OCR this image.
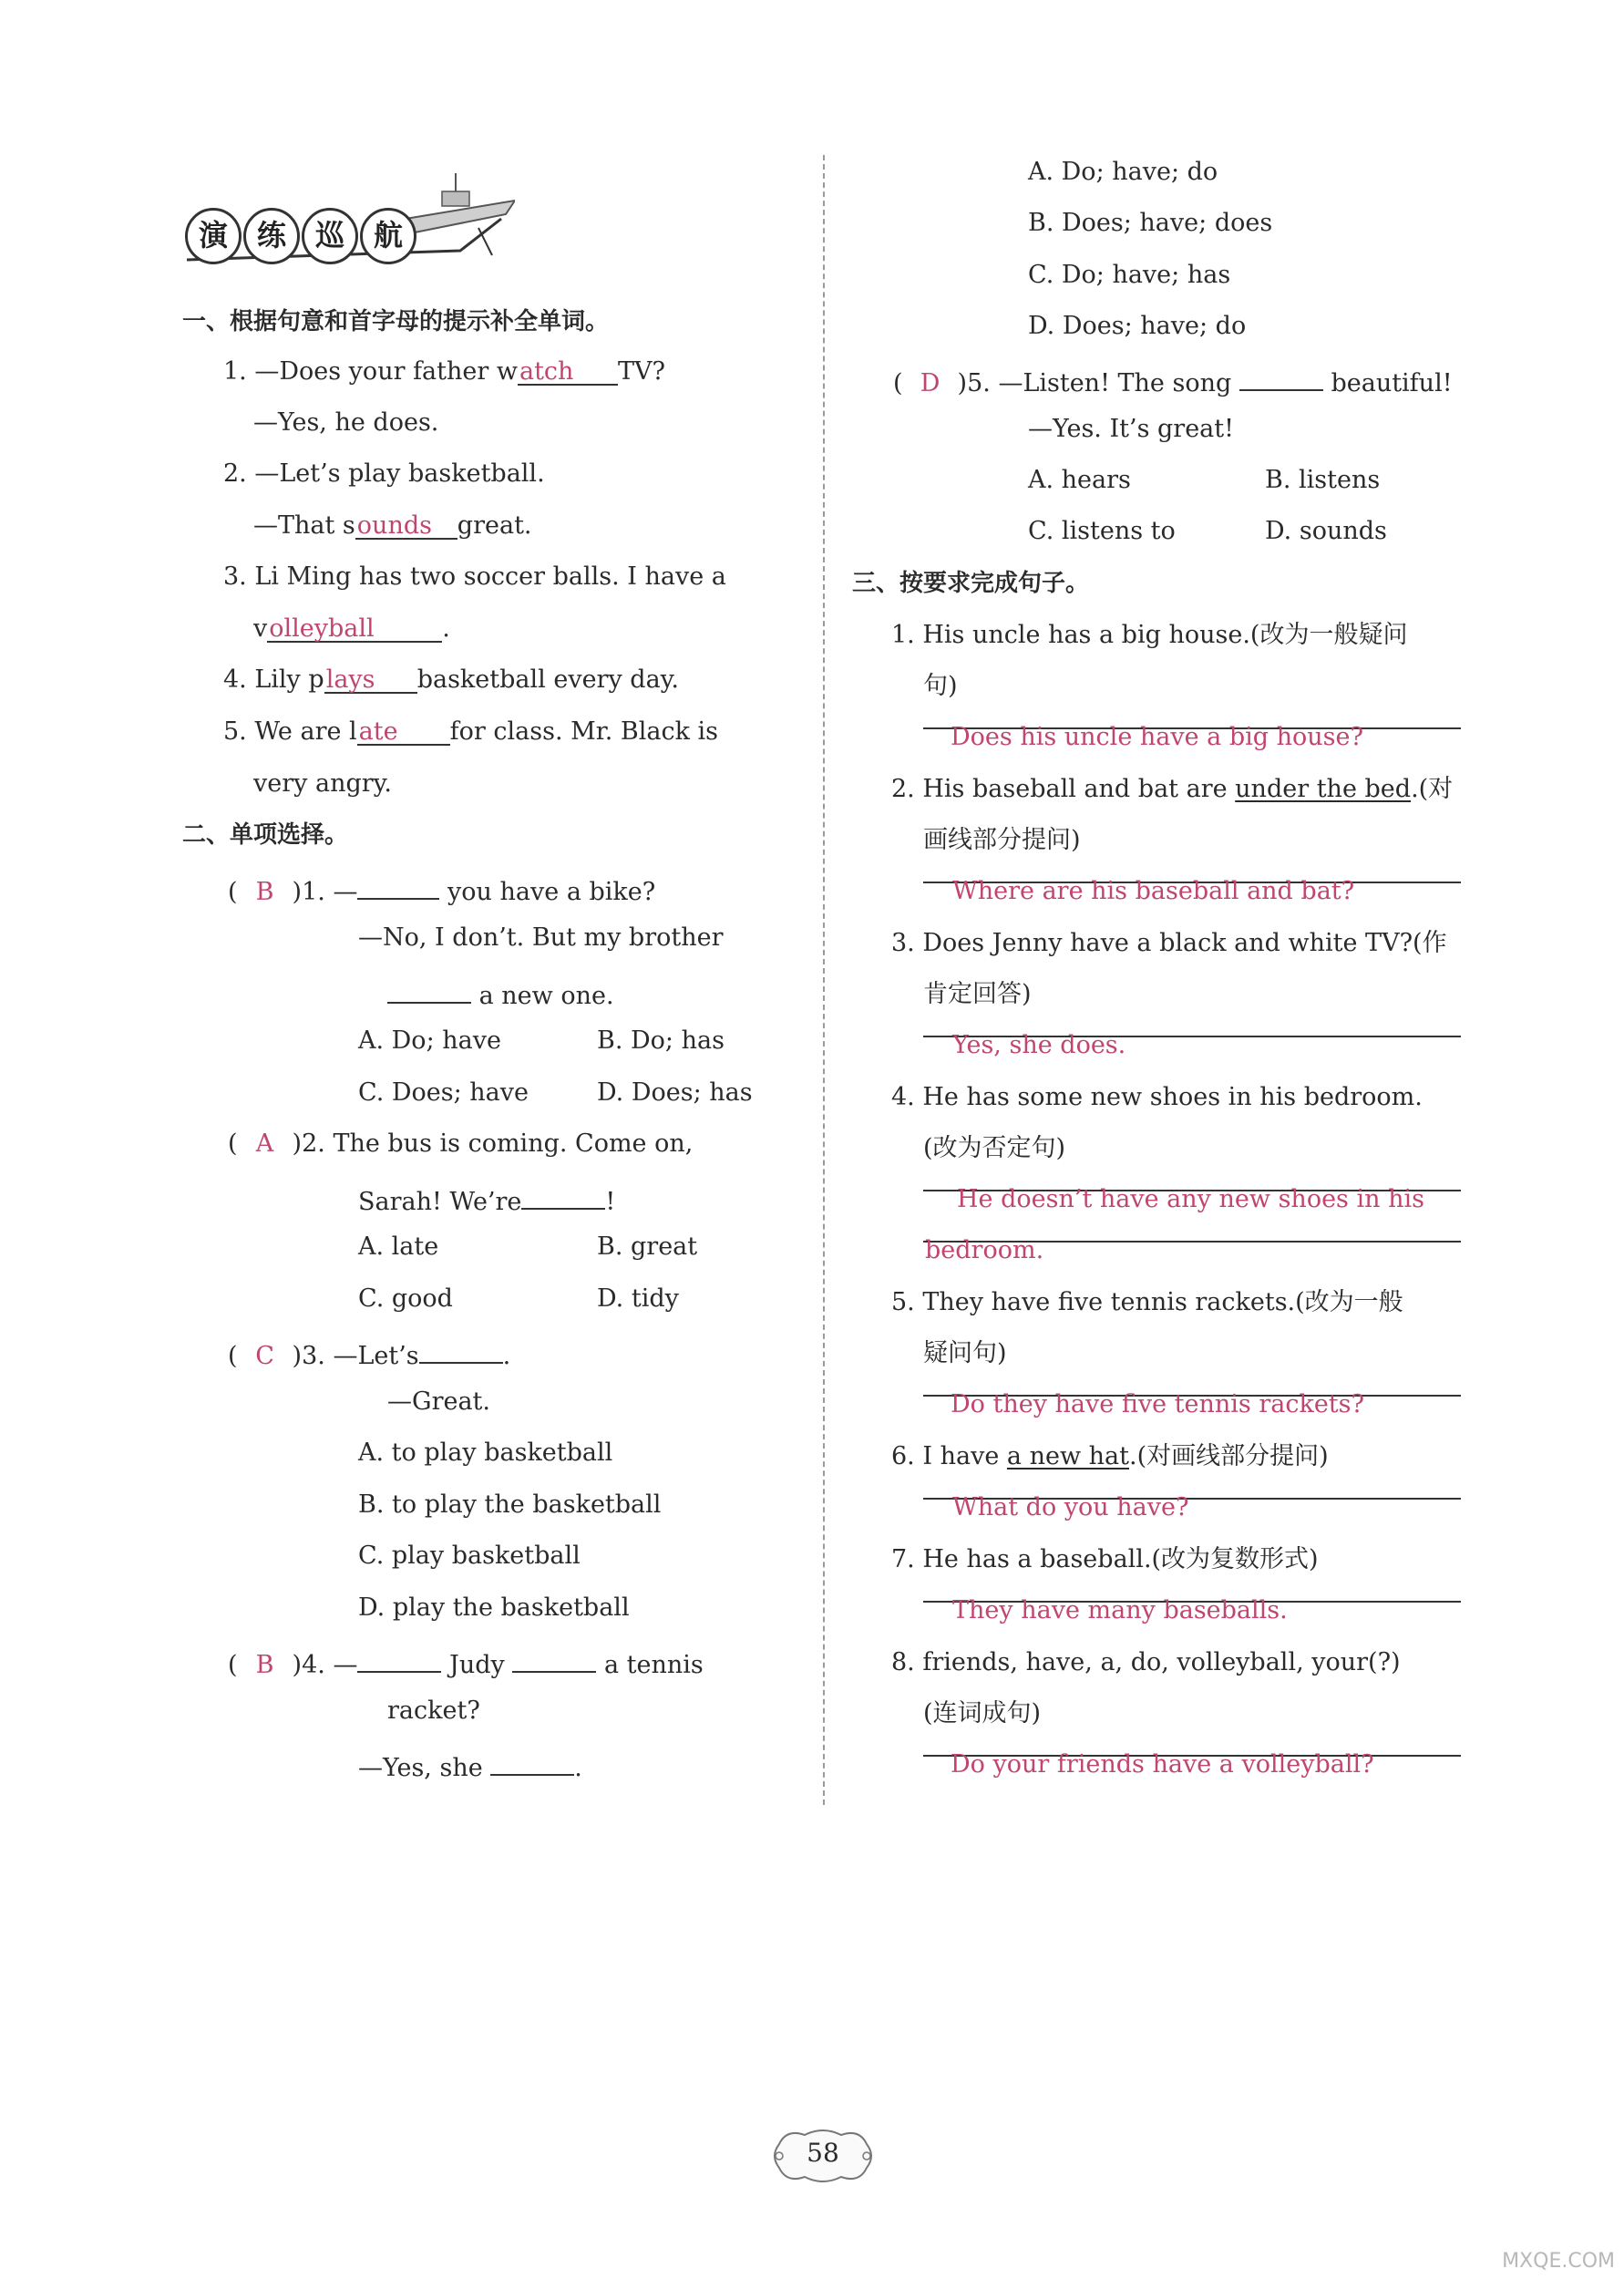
演 练 巡 航
一、根据句意和首字母的提示补全单词。
1. —Does your father watch TV?
—Yes, he does.
2. —Let’s play basketball.
—That sounds great.
3. Li Ming has two soccer balls. I have a
volleyball	.
4. Lily plays basketball every day.
5. We are late for class. Mr. Black is
very angry.
二、单项选择。
( B )1. —	you have a bike?
—No, I don’t. But my brother
a new one.
A. Do; have	B. Do; has
C. Does; have	D. Does; has
( A )2. The bus is coming. Come on,
Sarah! We’re	!
A. late	B. great
C. good	D. tidy
( C )3. —Let’s	.
—Great.
A. to play basketball
B. to play the basketball
C. play basketball
D. play the basketball
( B )4. —	Judy	a tennis
racket?
—Yes, she	.
A. Do; have; do
B. Does; have; does
C. Do; have; has
D. Does; have; do
( D )5. —Listen! The song	beautiful!
—Yes. It’s great!
A. hears	B. listens
C. listens to	D. sounds
三、按要求完成句子。
1. His uncle has a big house.(改为一般疑问
句)
Does his uncle have a big house?
2. His baseball and bat are under the bed.(对
画线部分提问)
Where are his baseball and bat?
3. Does Jenny have a black and white TV?(作
肯定回答)
Yes, she does.
4. He has some new shoes in his bedroom.
(改为否定句)
He doesn’t have any new shoes in his
bedroom.
5. They have five tennis rackets.(改为一般
疑问句)
Do they have five tennis rackets?
6. I have a new hat.(对画线部分提问)
What do you have?
7. He has a baseball.(改为复数形式)
They have many baseballs.
8. friends, have, a, do, volleyball, your(?)
(连词成句)
Do your friends have a volleyball?
58
MXQE.COM
